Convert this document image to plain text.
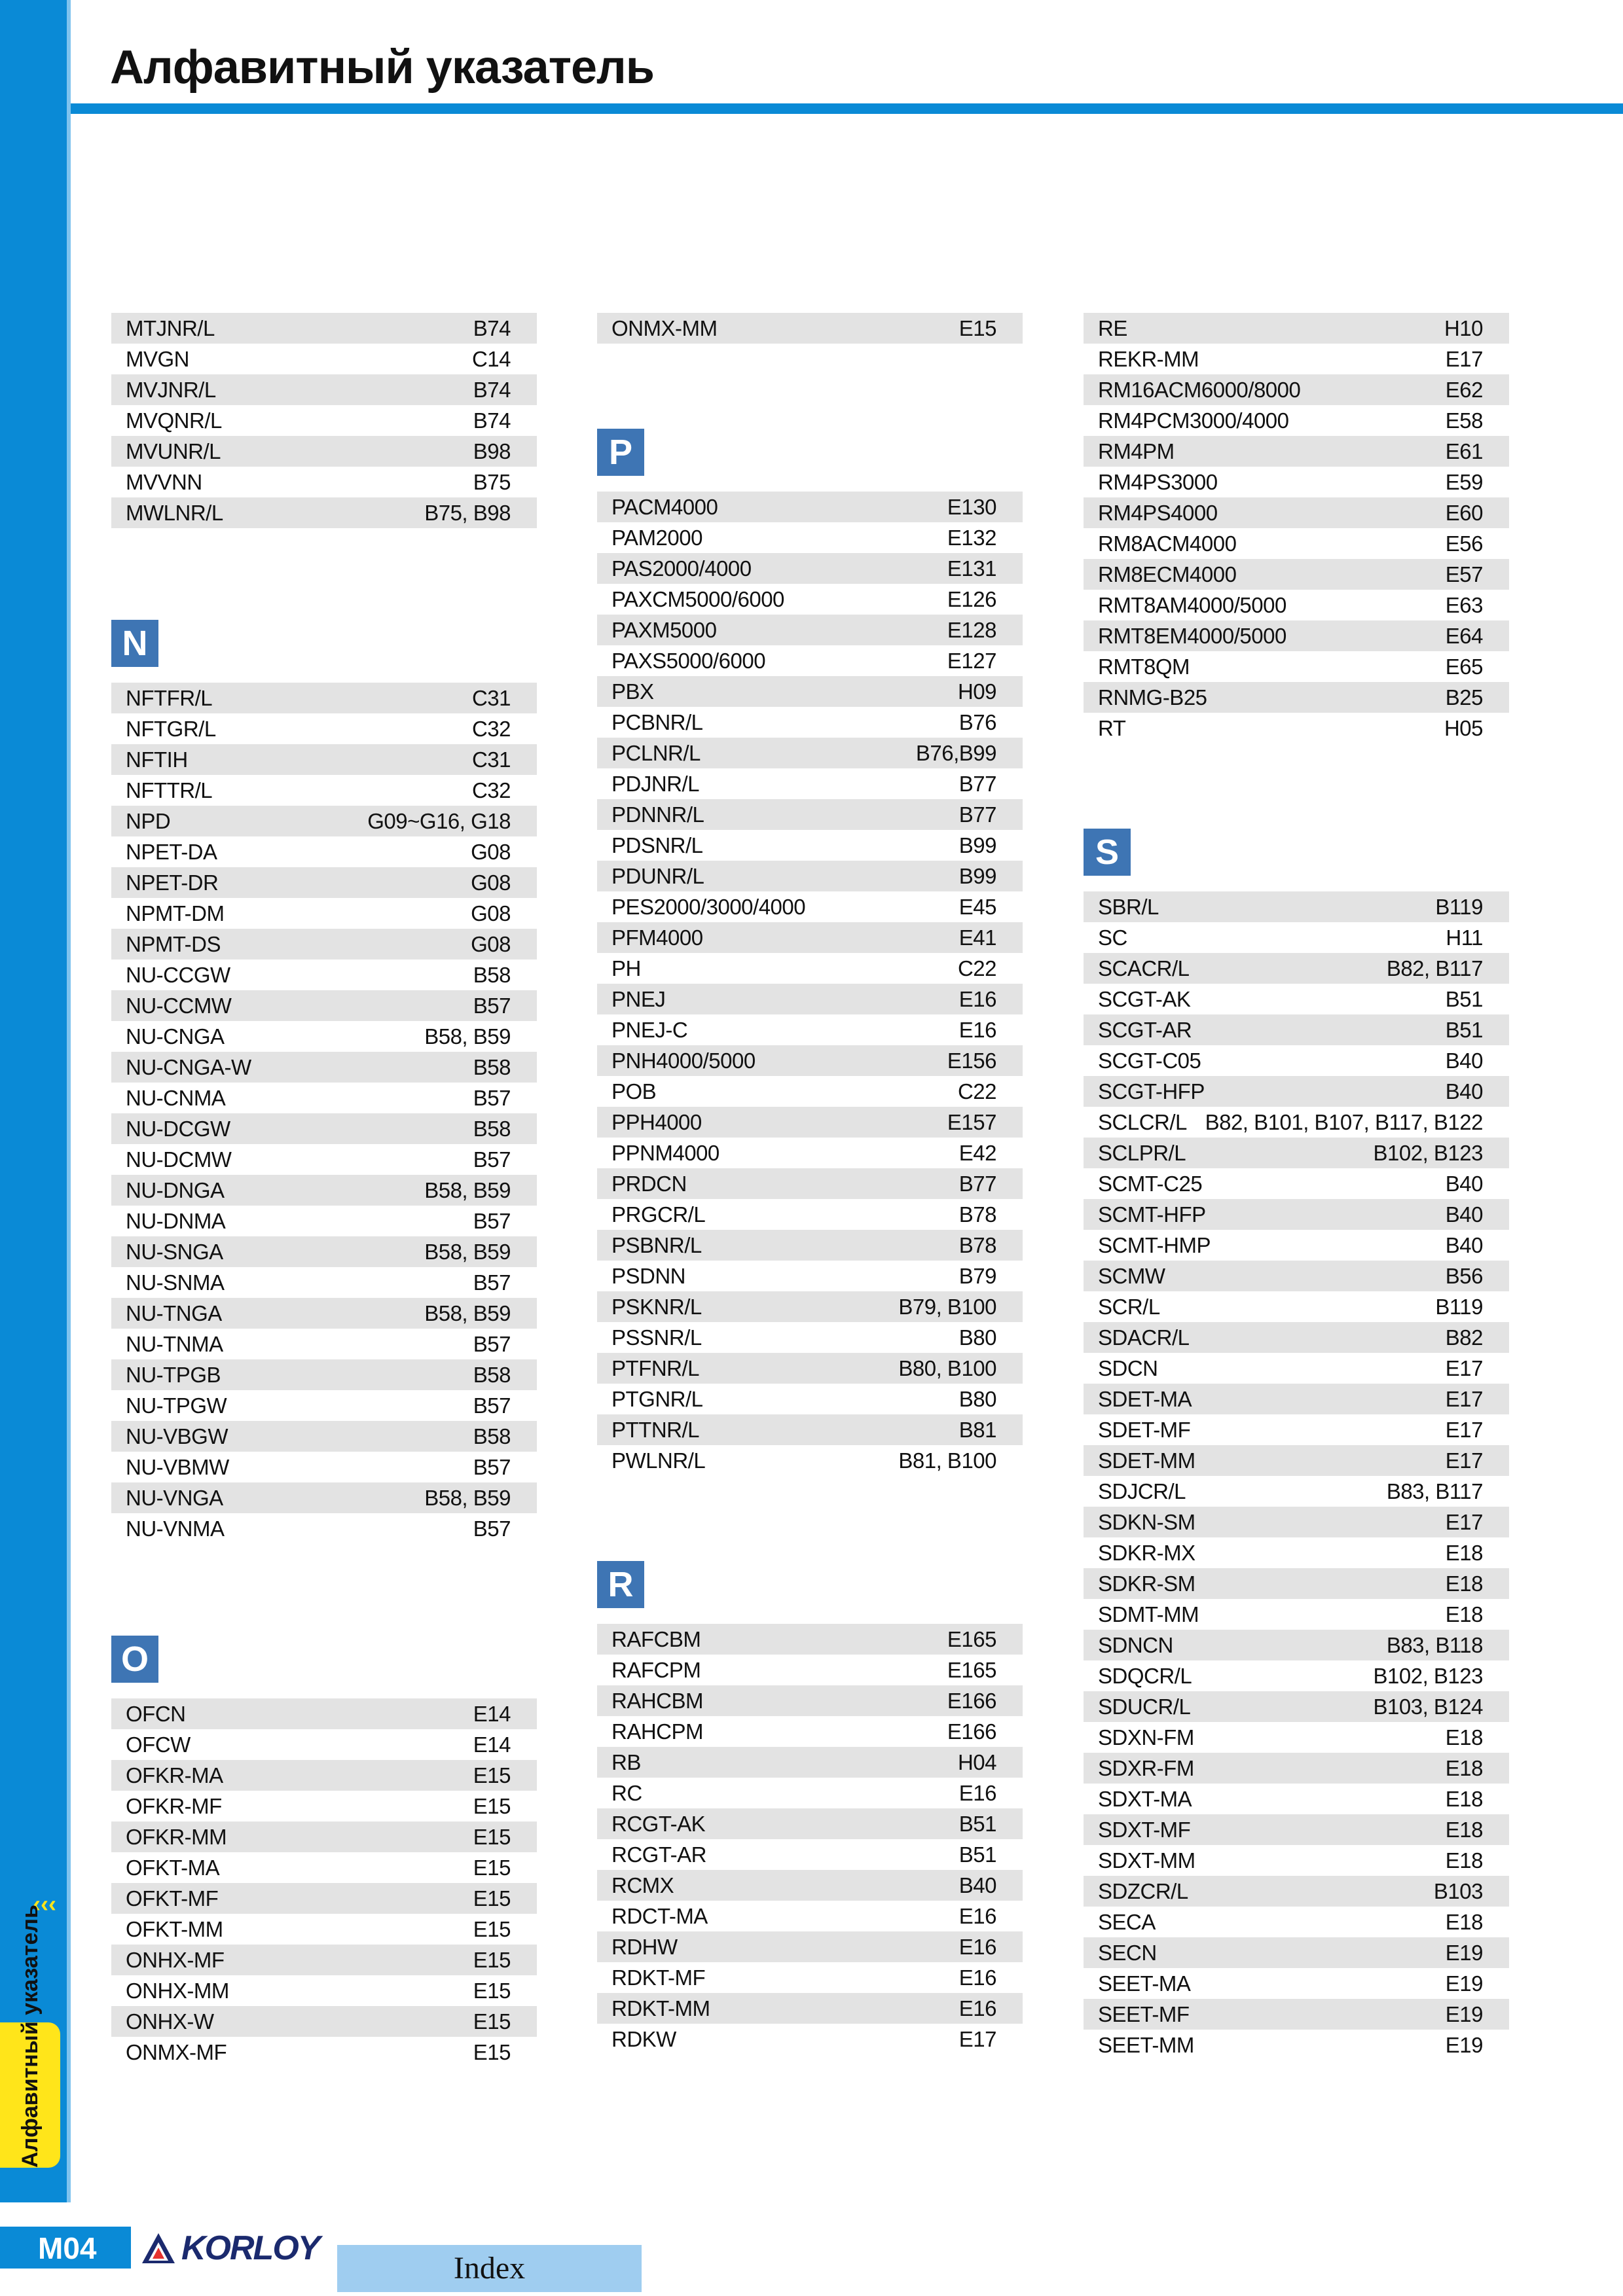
Алфавитный указатель
‹‹‹
Алфавитный указатель
MTJNR/L	B74
MVGN	C14
MVJNR/L	B74
MVQNR/L	B74
MVUNR/L	B98
MVVNN	B75
MWLNR/L	B75, B98
N
NFTFR/L	C31
NFTGR/L	C32
NFTIH	C31
NFTTR/L	C32
NPD	G09~G16, G18
NPET-DA	G08
NPET-DR	G08
NPMT-DM	G08
NPMT-DS	G08
NU-CCGW	B58
NU-CCMW	B57
NU-CNGA	B58, B59
NU-CNGA-W	B58
NU-CNMA	B57
NU-DCGW	B58
NU-DCMW	B57
NU-DNGA	B58, B59
NU-DNMA	B57
NU-SNGA	B58, B59
NU-SNMA	B57
NU-TNGA	B58, B59
NU-TNMA	B57
NU-TPGB	B58
NU-TPGW	B57
NU-VBGW	B58
NU-VBMW	B57
NU-VNGA	B58, B59
NU-VNMA	B57
O
OFCN	E14
OFCW	E14
OFKR-MA	E15
OFKR-MF	E15
OFKR-MM	E15
OFKT-MA	E15
OFKT-MF	E15
OFKT-MM	E15
ONHX-MF	E15
ONHX-MM	E15
ONHX-W	E15
ONMX-MF	E15
ONMX-MM	E15
P
PACM4000	E130
PAM2000	E132
PAS2000/4000	E131
PAXCM5000/6000	E126
PAXM5000	E128
PAXS5000/6000	E127
PBX	H09
PCBNR/L	B76
PCLNR/L	B76,B99
PDJNR/L	B77
PDNNR/L	B77
PDSNR/L	B99
PDUNR/L	B99
PES2000/3000/4000	E45
PFM4000	E41
PH	C22
PNEJ	E16
PNEJ-C	E16
PNH4000/5000	E156
POB	C22
PPH4000	E157
PPNM4000	E42
PRDCN	B77
PRGCR/L	B78
PSBNR/L	B78
PSDNN	B79
PSKNR/L	B79, B100
PSSNR/L	B80
PTFNR/L	B80, B100
PTGNR/L	B80
PTTNR/L	B81
PWLNR/L	B81, B100
R
RAFCBM	E165
RAFCPM	E165
RAHCBM	E166
RAHCPM	E166
RB	H04
RC	E16
RCGT-AK	B51
RCGT-AR	B51
RCMX	B40
RDCT-MA	E16
RDHW	E16
RDKT-MF	E16
RDKT-MM	E16
RDKW	E17
RE	H10
REKR-MM	E17
RM16ACM6000/8000	E62
RM4PCM3000/4000	E58
RM4PM	E61
RM4PS3000	E59
RM4PS4000	E60
RM8ACM4000	E56
RM8ECM4000	E57
RMT8AM4000/5000	E63
RMT8EM4000/5000	E64
RMT8QM	E65
RNMG-B25	B25
RT	H05
S
SBR/L	B119
SC	H11
SCACR/L	B82, B117
SCGT-AK	B51
SCGT-AR	B51
SCGT-C05	B40
SCGT-HFP	B40
SCLCR/L B82, B101, B107, B117, B122
SCLPR/L	B102, B123
SCMT-C25	B40
SCMT-HFP	B40
SCMT-HMP	B40
SCMW	B56
SCR/L	B119
SDACR/L	B82
SDCN	E17
SDET-MA	E17
SDET-MF	E17
SDET-MM	E17
SDJCR/L	B83, B117
SDKN-SM	E17
SDKR-MX	E18
SDKR-SM	E18
SDMT-MM	E18
SDNCN	B83, B118
SDQCR/L	B102, B123
SDUCR/L	B103, B124
SDXN-FM	E18
SDXR-FM	E18
SDXT-MA	E18
SDXT-MF	E18
SDXT-MM	E18
SDZCR/L	B103
SECA	E18
SECN	E19
SEET-MA	E19
SEET-MF	E19
SEET-MM	E19
M04 KORLOY
Index
